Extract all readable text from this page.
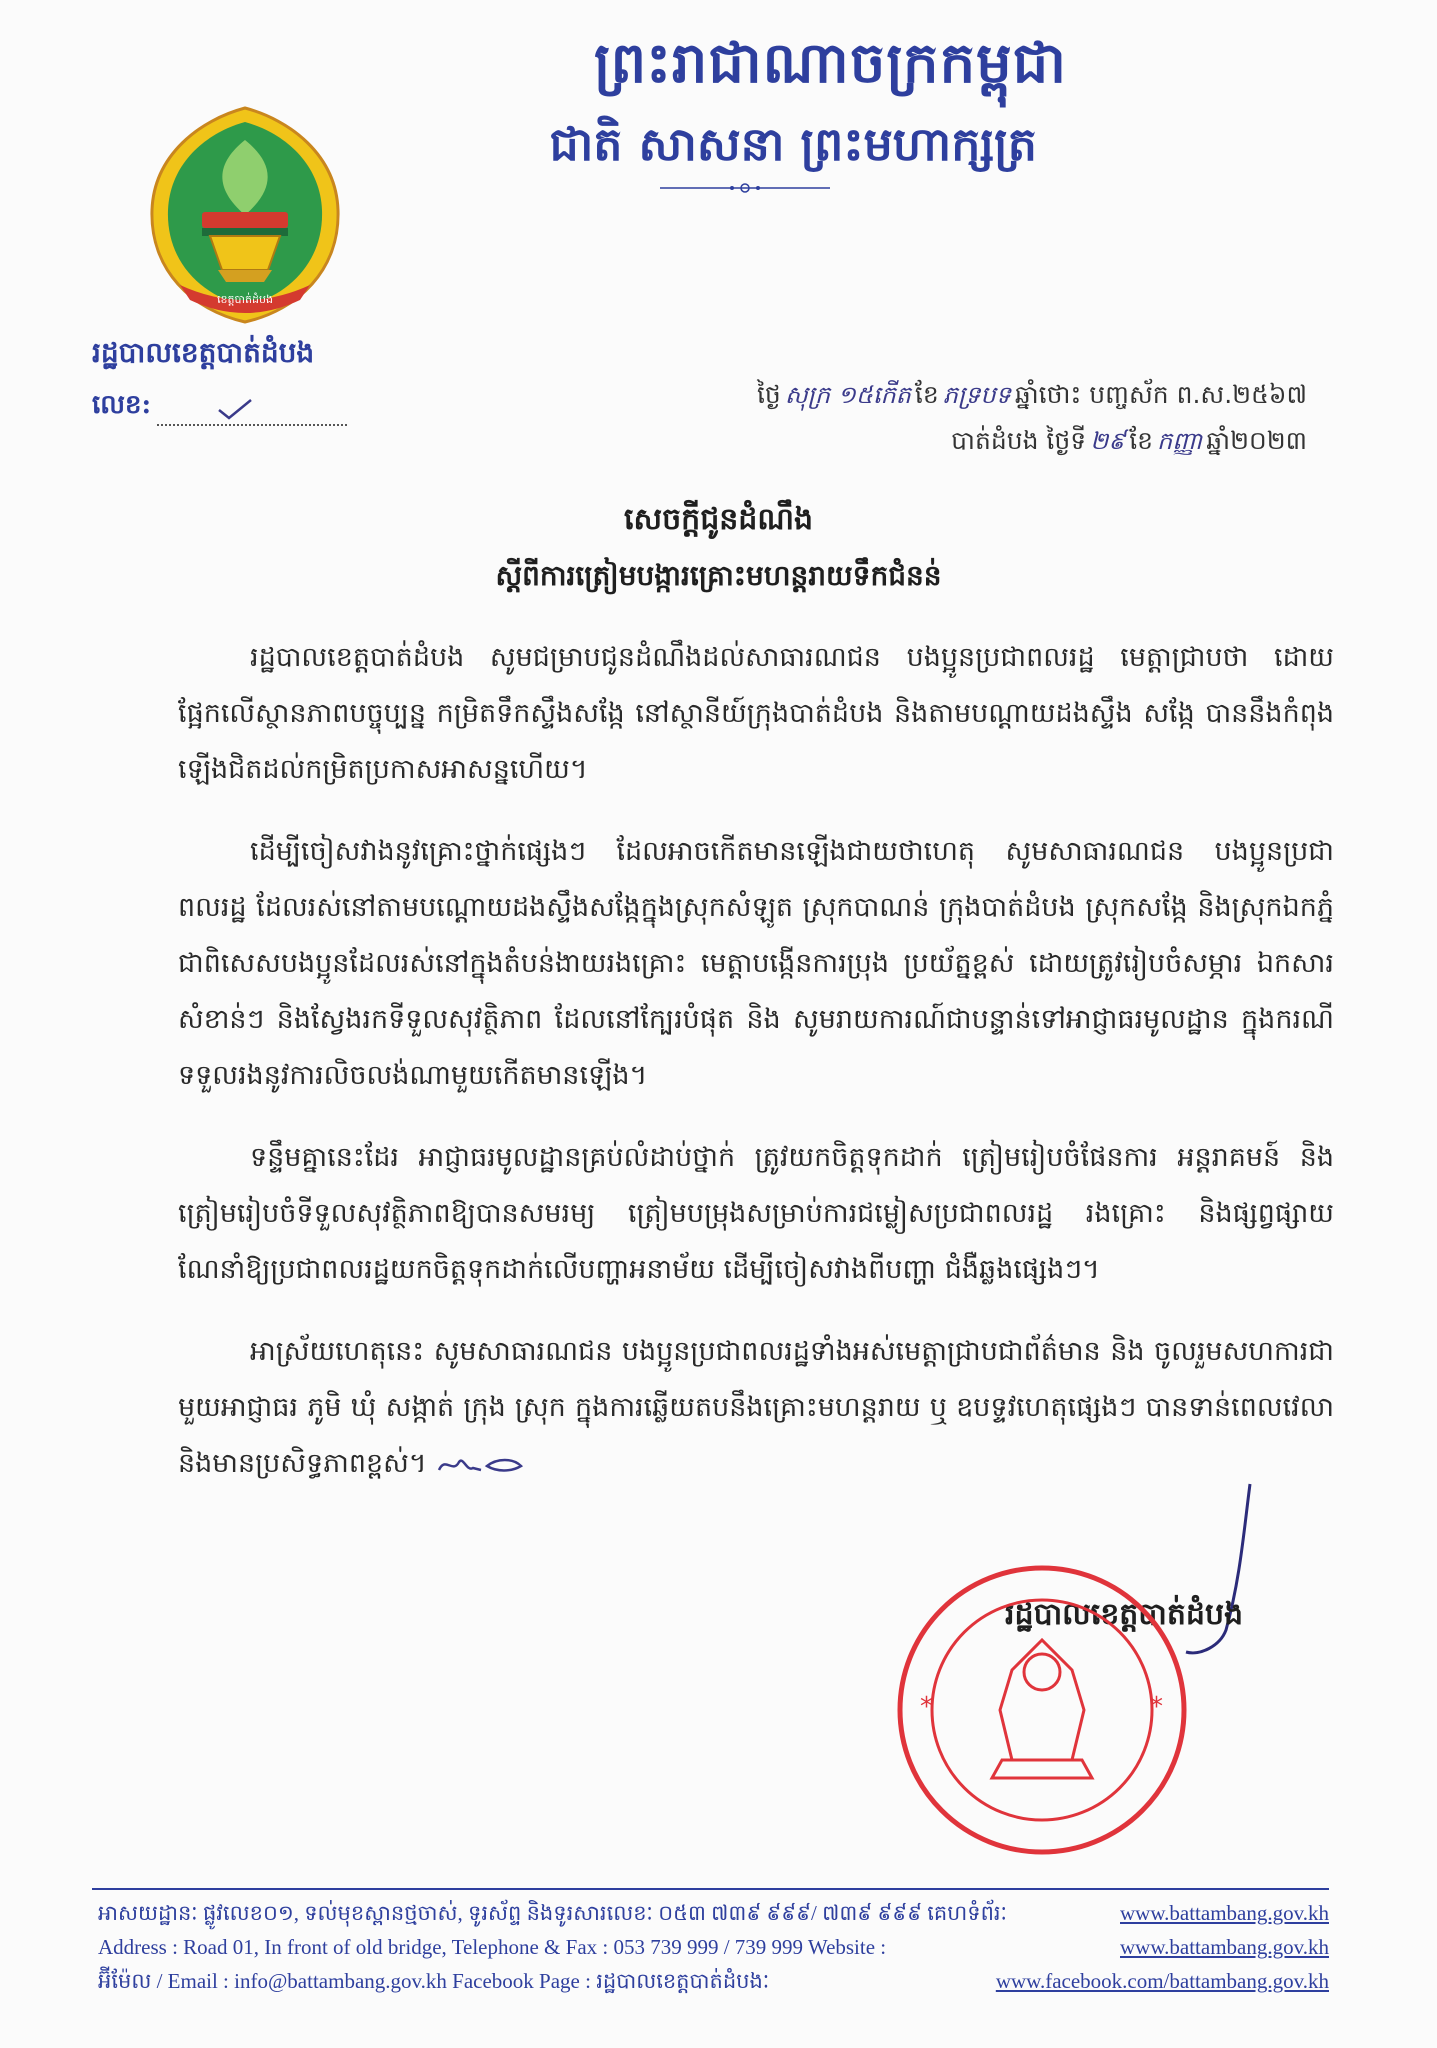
ព្រះរាជាណាចក្រកម្ពុជា
ជាតិ សាសនា ព្រះមហាក្សត្រ
ខេត្តបាត់ដំបង
រដ្ឋបាលខេត្តបាត់ដំបង
លេខ:	ថ្ងៃ សុក្រ ១៥កើត ខែ ភទ្របទ ឆ្នាំថោះ បញ្ចស័ក ព.ស.២៥៦៧
បាត់ដំបង ថ្ងៃទី ២៩ ខែ កញ្ញា ឆ្នាំ២០២៣
សេចក្តីជូនដំណឹង
ស្តីពីការត្រៀមបង្ការគ្រោះមហន្តរាយទឹកជំនន់

រដ្ឋបាលខេត្តបាត់ដំបង សូមជម្រាបជូនដំណឹងដល់សាធារណជន បងប្អូនប្រជាពលរដ្ឋ មេត្តាជ្រាបថា ដោយផ្អែកលើស្ថានភាពបច្ចុប្បន្ន កម្រិតទឹកស្ទឹងសង្កែ នៅស្ថានីយ៍ក្រុងបាត់ដំបង និងតាមបណ្តាយដងស្ទឹង សង្កែ បាននឹងកំពុងឡើងជិតដល់កម្រិតប្រកាសអាសន្នហើយ។

ដើម្បីចៀសវាងនូវគ្រោះថ្នាក់ផ្សេងៗ ដែលអាចកើតមានឡើងជាយថាហេតុ សូមសាធារណជន បងប្អូនប្រជាពលរដ្ឋ ដែលរស់នៅតាមបណ្តោយដងស្ទឹងសង្កែក្នុងស្រុកសំឡូត ស្រុកបាណន់ ក្រុងបាត់ដំបង ស្រុកសង្កែ និងស្រុកឯកភ្នំ ជាពិសេសបងប្អូនដែលរស់នៅក្នុងតំបន់ងាយរងគ្រោះ មេត្តាបង្កើនការប្រុង ប្រយ័ត្នខ្ពស់ ដោយត្រូវរៀបចំសម្ភារ ឯកសារសំខាន់ៗ និងស្វែងរកទីទួលសុវត្ថិភាព ដែលនៅក្បែរបំផុត និង សូមរាយការណ៍ជាបន្ទាន់ទៅអាជ្ញាធរមូលដ្ឋាន ក្នុងករណីទទួលរងនូវការលិចលង់ណាមួយកើតមានឡើង។

ទន្ទឹមគ្នានេះដែរ អាជ្ញាធរមូលដ្ឋានគ្រប់លំដាប់ថ្នាក់ ត្រូវយកចិត្តទុកដាក់ ត្រៀមរៀបចំផែនការ អន្តរាគមន៍ និងត្រៀមរៀបចំទីទួលសុវត្ថិភាពឱ្យបានសមរម្យ ត្រៀមបម្រុងសម្រាប់ការជម្លៀសប្រជាពលរដ្ឋ រងគ្រោះ និងផ្សព្វផ្សាយ ណែនាំឱ្យប្រជាពលរដ្ឋយកចិត្តទុកដាក់លើបញ្ហាអនាម័យ ដើម្បីចៀសវាងពីបញ្ហា ជំងឺឆ្លងផ្សេងៗ។

អាស្រ័យហេតុនេះ សូមសាធារណជន បងប្អូនប្រជាពលរដ្ឋទាំងអស់មេត្តាជ្រាបជាព័ត៌មាន និង ចូលរួមសហការជាមួយអាជ្ញាធរ ភូមិ ឃុំ សង្កាត់ ក្រុង ស្រុក ក្នុងការឆ្លើយតបនឹងគ្រោះមហន្តរាយ ឬ ឧបទ្ទវហេតុផ្សេងៗ បានទាន់ពេលវេលា និងមានប្រសិទ្ធភាពខ្ពស់។

រដ្ឋបាលខេត្តបាត់ដំបង
*	*
អាសយដ្ឋានៈ ផ្លូវលេខ០១, ទល់មុខស្ពានថ្មចាស់, ទូរស័ព្ទ និងទូរសារលេខៈ ០៥៣ ៧៣៩ ៩៩៩/ ៧៣៩ ៩៩៩ គេហទំព័រៈ	www.battambang.gov.kh
Address : Road 01, In front of old bridge, Telephone & Fax : 053 739 999 / 739 999 Website :	www.battambang.gov.kh
អ៊ីម៉ែល / Email : info@battambang.gov.kh Facebook Page : រដ្ឋបាលខេត្តបាត់ដំបងៈ	www.facebook.com/battambang.gov.kh
